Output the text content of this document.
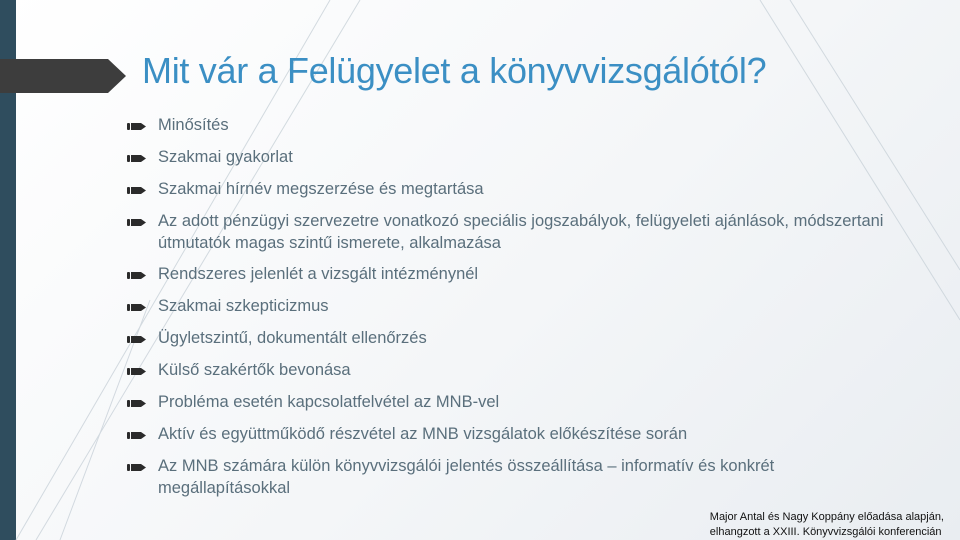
Mit vár a Felügyelet a könyvvizsgálótól?
Minősítés
Szakmai gyakorlat
Szakmai hírnév megszerzése és megtartása
Az adott pénzügyi szervezetre vonatkozó speciális jogszabályok, felügyeleti ajánlások, módszertani útmutatók magas szintű ismerete, alkalmazása
Rendszeres jelenlét a vizsgált intézménynél
Szakmai szkepticizmus
Ügyletszintű, dokumentált ellenőrzés
Külső szakértők bevonása
Probléma esetén kapcsolatfelvétel az MNB-vel
Aktív és együttműködő részvétel az MNB vizsgálatok előkészítése során
Az MNB számára külön könyvvizsgálói jelentés összeállítása – informatív és konkrét megállapításokkal
Major Antal és Nagy Koppány előadása alapján,
elhangzott a XXIII. Könyvvizsgálói konferencián
